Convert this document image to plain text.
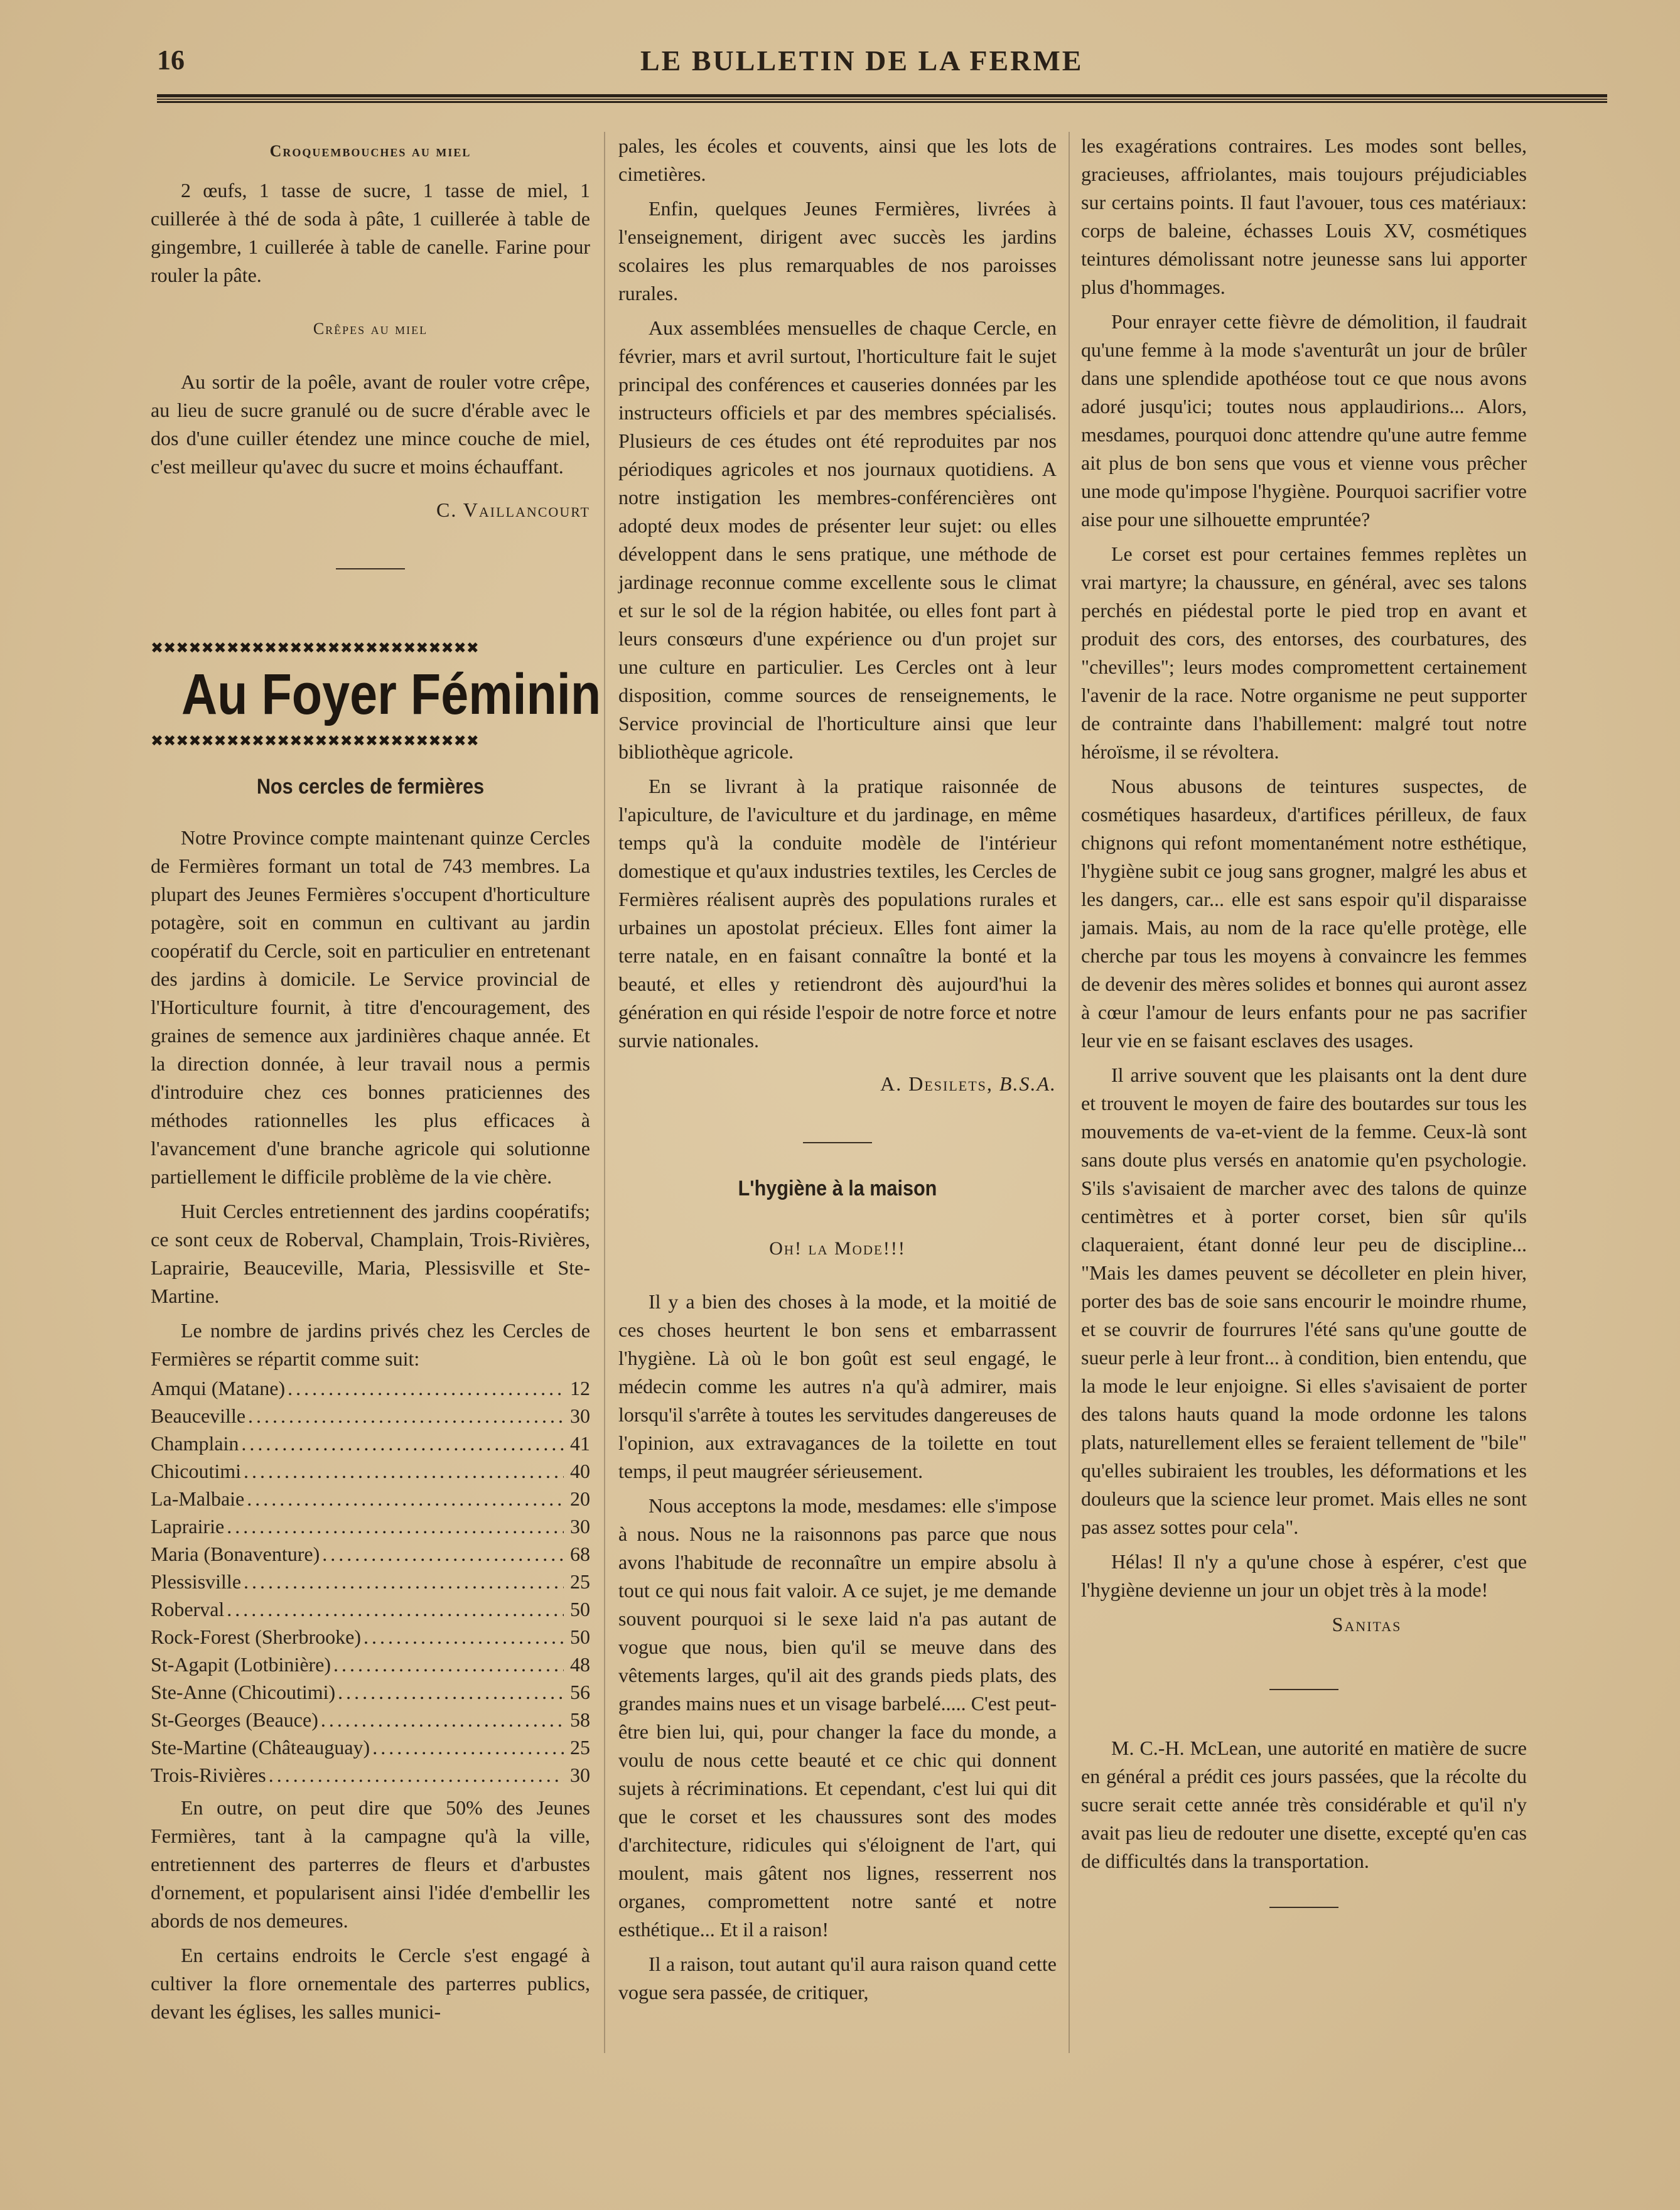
16	LE BULLETIN DE LA FERME
Croquembouches au miel

2 œufs, 1 tasse de sucre, 1 tasse de miel, 1 cuillerée à thé de soda à pâte, 1 cuillerée à table de gingembre, 1 cuillerée à table de canelle. Farine pour rouler la pâte.

Crêpes au miel

Au sortir de la poêle, avant de rouler votre crêpe, au lieu de sucre granulé ou de sucre d'érable avec le dos d'une cuiller étendez une mince couche de miel, c'est meilleur qu'avec du sucre et moins échauffant.

C. Vaillancourt
✖✖✖✖✖✖✖✖✖✖✖✖✖✖✖✖✖✖✖✖✖✖✖✖✖✖
Au Foyer Féminin
✖✖✖✖✖✖✖✖✖✖✖✖✖✖✖✖✖✖✖✖✖✖✖✖✖✖
Nos cercles de fermières

Notre Province compte maintenant quinze Cercles de Fermières formant un total de 743 membres. La plupart des Jeunes Fermières s'occupent d'horticulture potagère, soit en commun en cultivant au jardin coopératif du Cercle, soit en particulier en entretenant des jardins à domicile. Le Service provincial de l'Horticulture fournit, à titre d'encouragement, des graines de semence aux jardinières chaque année. Et la direction donnée, à leur travail nous a permis d'introduire chez ces bonnes praticiennes des méthodes rationnelles les plus efficaces à l'avancement d'une branche agricole qui solutionne partiellement le difficile problème de la vie chère.

Huit Cercles entretiennent des jardins coopératifs; ce sont ceux de Roberval, Champlain, Trois-Rivières, Laprairie, Beauceville, Maria, Plessisville et Ste-Martine.

Le nombre de jardins privés chez les Cercles de Fermières se répartit comme suit:

Amqui (Matane) .....	12
Beauceville .....	30
Champlain .....	41
Chicoutimi .....	40
La-Malbaie .....	20
Laprairie .....	30
Maria (Bonaventure) .....	68
Plessisville .....	25
Roberval .....	50
Rock-Forest (Sherbrooke) .....	50
St-Agapit (Lotbinière) .....	48
Ste-Anne (Chicoutimi) .....	56
St-Georges (Beauce) .....	58
Ste-Martine (Châteauguay) .....	25
Trois-Rivières .....	30

En outre, on peut dire que 50% des Jeunes Fermières, tant à la campagne qu'à la ville, entretiennent des parterres de fleurs et d'arbustes d'ornement, et popularisent ainsi l'idée d'embellir les abords de nos demeures.

En certains endroits le Cercle s'est engagé à cultiver la flore ornementale des parterres publics, devant les églises, les salles munici-

pales, les écoles et couvents, ainsi que les lots de cimetières.

Enfin, quelques Jeunes Fermières, livrées à l'enseignement, dirigent avec succès les jardins scolaires les plus remarquables de nos paroisses rurales.

Aux assemblées mensuelles de chaque Cercle, en février, mars et avril surtout, l'horticulture fait le sujet principal des conférences et causeries données par les instructeurs officiels et par des membres spécialisés. Plusieurs de ces études ont été reproduites par nos périodiques agricoles et nos journaux quotidiens. A notre instigation les membres-conférencières ont adopté deux modes de présenter leur sujet: ou elles développent dans le sens pratique, une méthode de jardinage reconnue comme excellente sous le climat et sur le sol de la région habitée, ou elles font part à leurs consœurs d'une expérience ou d'un projet sur une culture en particulier. Les Cercles ont à leur disposition, comme sources de renseignements, le Service provincial de l'horticulture ainsi que leur bibliothèque agricole.

En se livrant à la pratique raisonnée de l'apiculture, de l'aviculture et du jardinage, en même temps qu'à la conduite modèle de l'intérieur domestique et qu'aux industries textiles, les Cercles de Fermières réalisent auprès des populations rurales et urbaines un apostolat précieux. Elles font aimer la terre natale, en en faisant connaître la bonté et la beauté, et elles y retiendront dès aujourd'hui la génération en qui réside l'espoir de notre force et notre survie nationales.

A. Desilets, B.S.A.
L'hygiène à la maison
Oh! la Mode!!!

Il y a bien des choses à la mode, et la moitié de ces choses heurtent le bon sens et embarrassent l'hygiène. Là où le bon goût est seul engagé, le médecin comme les autres n'a qu'à admirer, mais lorsqu'il s'arrête à toutes les servitudes dangereuses de l'opinion, aux extravagances de la toilette en tout temps, il peut maugréer sérieusement.

Nous acceptons la mode, mesdames: elle s'impose à nous. Nous ne la raisonnons pas parce que nous avons l'habitude de reconnaître un empire absolu à tout ce qui nous fait valoir. A ce sujet, je me demande souvent pourquoi si le sexe laid n'a pas autant de vogue que nous, bien qu'il se meuve dans des vêtements larges, qu'il ait des grands pieds plats, des grandes mains nues et un visage barbelé..... C'est peut-être bien lui, qui, pour changer la face du monde, a voulu de nous cette beauté et ce chic qui donnent sujets à récriminations. Et cependant, c'est lui qui dit que le corset et les chaussures sont des modes d'architecture, ridicules qui s'éloignent de l'art, qui moulent, mais gâtent nos lignes, resserrent nos organes, compromettent notre santé et notre esthétique... Et il a raison!

Il a raison, tout autant qu'il aura raison quand cette vogue sera passée, de critiquer,

les exagérations contraires. Les modes sont belles, gracieuses, affriolantes, mais toujours préjudiciables sur certains points. Il faut l'avouer, tous ces matériaux: corps de baleine, échasses Louis XV, cosmétiques teintures démolissant notre jeunesse sans lui apporter plus d'hommages.

Pour enrayer cette fièvre de démolition, il faudrait qu'une femme à la mode s'aventurât un jour de brûler dans une splendide apothéose tout ce que nous avons adoré jusqu'ici; toutes nous applaudirions... Alors, mesdames, pourquoi donc attendre qu'une autre femme ait plus de bon sens que vous et vienne vous prêcher une mode qu'impose l'hygiène. Pourquoi sacrifier votre aise pour une silhouette empruntée?

Le corset est pour certaines femmes replètes un vrai martyre; la chaussure, en général, avec ses talons perchés en piédestal porte le pied trop en avant et produit des cors, des entorses, des courbatures, des "chevilles"; leurs modes compromettent certainement l'avenir de la race. Notre organisme ne peut supporter de contrainte dans l'habillement: malgré tout notre héroïsme, il se révoltera.

Nous abusons de teintures suspectes, de cosmétiques hasardeux, d'artifices périlleux, de faux chignons qui refont momentanément notre esthétique, l'hygiène subit ce joug sans grogner, malgré les abus et les dangers, car... elle est sans espoir qu'il disparaisse jamais. Mais, au nom de la race qu'elle protège, elle cherche par tous les moyens à convaincre les femmes de devenir des mères solides et bonnes qui auront assez à cœur l'amour de leurs enfants pour ne pas sacrifier leur vie en se faisant esclaves des usages.

Il arrive souvent que les plaisants ont la dent dure et trouvent le moyen de faire des boutardes sur tous les mouvements de va-et-vient de la femme. Ceux-là sont sans doute plus versés en anatomie qu'en psychologie. S'ils s'avisaient de marcher avec des talons de quinze centimètres et à porter corset, bien sûr qu'ils claqueraient, étant donné leur peu de discipline... "Mais les dames peuvent se décolleter en plein hiver, porter des bas de soie sans encourir le moindre rhume, et se couvrir de fourrures l'été sans qu'une goutte de sueur perle à leur front... à condition, bien entendu, que la mode le leur enjoigne. Si elles s'avisaient de porter des talons hauts quand la mode ordonne les talons plats, naturellement elles se feraient tellement de "bile" qu'elles subiraient les troubles, les déformations et les douleurs que la science leur promet. Mais elles ne sont pas assez sottes pour cela".

Hélas! Il n'y a qu'une chose à espérer, c'est que l'hygiène devienne un jour un objet très à la mode!

Sanitas

M. C.-H. McLean, une autorité en matière de sucre en général a prédit ces jours passées, que la récolte du sucre serait cette année très considérable et qu'il n'y avait pas lieu de redouter une disette, excepté qu'en cas de difficultés dans la transportation.
